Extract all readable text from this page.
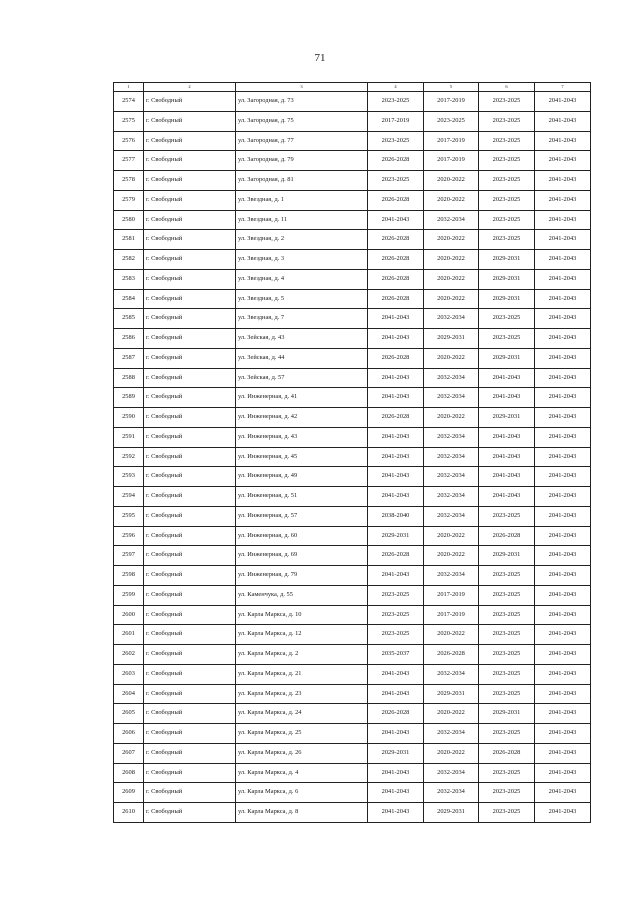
71
1	2	3	4	5	6	7
2574	г. Свободный	ул. Загородная, д. 73	2023-2025	2017-2019	2023-2025	2041-2043
2575	г. Свободный	ул. Загородная, д. 75	2017-2019	2023-2025	2023-2025	2041-2043
2576	г. Свободный	ул. Загородная, д. 77	2023-2025	2017-2019	2023-2025	2041-2043
2577	г. Свободный	ул. Загородная, д. 79	2026-2028	2017-2019	2023-2025	2041-2043
2578	г. Свободный	ул. Загородная, д. 81	2023-2025	2020-2022	2023-2025	2041-2043
2579	г. Свободный	ул. Звездная, д. 1	2026-2028	2020-2022	2023-2025	2041-2043
2580	г. Свободный	ул. Звездная, д. 11	2041-2043	2032-2034	2023-2025	2041-2043
2581	г. Свободный	ул. Звездная, д. 2	2026-2028	2020-2022	2023-2025	2041-2043
2582	г. Свободный	ул. Звездная, д. 3	2026-2028	2020-2022	2029-2031	2041-2043
2583	г. Свободный	ул. Звездная, д. 4	2026-2028	2020-2022	2029-2031	2041-2043
2584	г. Свободный	ул. Звездная, д. 5	2026-2028	2020-2022	2029-2031	2041-2043
2585	г. Свободный	ул. Звездная, д. 7	2041-2043	2032-2034	2023-2025	2041-2043
2586	г. Свободный	ул. Зейская, д. 43	2041-2043	2029-2031	2023-2025	2041-2043
2587	г. Свободный	ул. Зейская, д. 44	2026-2028	2020-2022	2029-2031	2041-2043
2588	г. Свободный	ул. Зейская, д. 57	2041-2043	2032-2034	2041-2043	2041-2043
2589	г. Свободный	ул. Инженерная, д. 41	2041-2043	2032-2034	2041-2043	2041-2043
2590	г. Свободный	ул. Инженерная, д. 42	2026-2028	2020-2022	2029-2031	2041-2043
2591	г. Свободный	ул. Инженерная, д. 43	2041-2043	2032-2034	2041-2043	2041-2043
2592	г. Свободный	ул. Инженерная, д. 45	2041-2043	2032-2034	2041-2043	2041-2043
2593	г. Свободный	ул. Инженерная, д. 49	2041-2043	2032-2034	2041-2043	2041-2043
2594	г. Свободный	ул. Инженерная, д. 51	2041-2043	2032-2034	2041-2043	2041-2043
2595	г. Свободный	ул. Инженерная, д. 57	2038-2040	2032-2034	2023-2025	2041-2043
2596	г. Свободный	ул. Инженерная, д. 60	2029-2031	2020-2022	2026-2028	2041-2043
2597	г. Свободный	ул. Инженерная, д. 69	2026-2028	2020-2022	2029-2031	2041-2043
2598	г. Свободный	ул. Инженерная, д. 79	2041-2043	2032-2034	2023-2025	2041-2043
2599	г. Свободный	ул. Каменчука, д. 55	2023-2025	2017-2019	2023-2025	2041-2043
2600	г. Свободный	ул. Карла Маркса, д. 10	2023-2025	2017-2019	2023-2025	2041-2043
2601	г. Свободный	ул. Карла Маркса, д. 12	2023-2025	2020-2022	2023-2025	2041-2043
2602	г. Свободный	ул. Карла Маркса, д. 2	2035-2037	2026-2028	2023-2025	2041-2043
2603	г. Свободный	ул. Карла Маркса, д. 21	2041-2043	2032-2034	2023-2025	2041-2043
2604	г. Свободный	ул. Карла Маркса, д. 23	2041-2043	2029-2031	2023-2025	2041-2043
2605	г. Свободный	ул. Карла Маркса, д. 24	2026-2028	2020-2022	2029-2031	2041-2043
2606	г. Свободный	ул. Карла Маркса, д. 25	2041-2043	2032-2034	2023-2025	2041-2043
2607	г. Свободный	ул. Карла Маркса, д. 26	2029-2031	2020-2022	2026-2028	2041-2043
2608	г. Свободный	ул. Карла Маркса, д. 4	2041-2043	2032-2034	2023-2025	2041-2043
2609	г. Свободный	ул. Карла Маркса, д. 6	2041-2043	2032-2034	2023-2025	2041-2043
2610	г. Свободный	ул. Карла Маркса, д. 8	2041-2043	2029-2031	2023-2025	2041-2043
